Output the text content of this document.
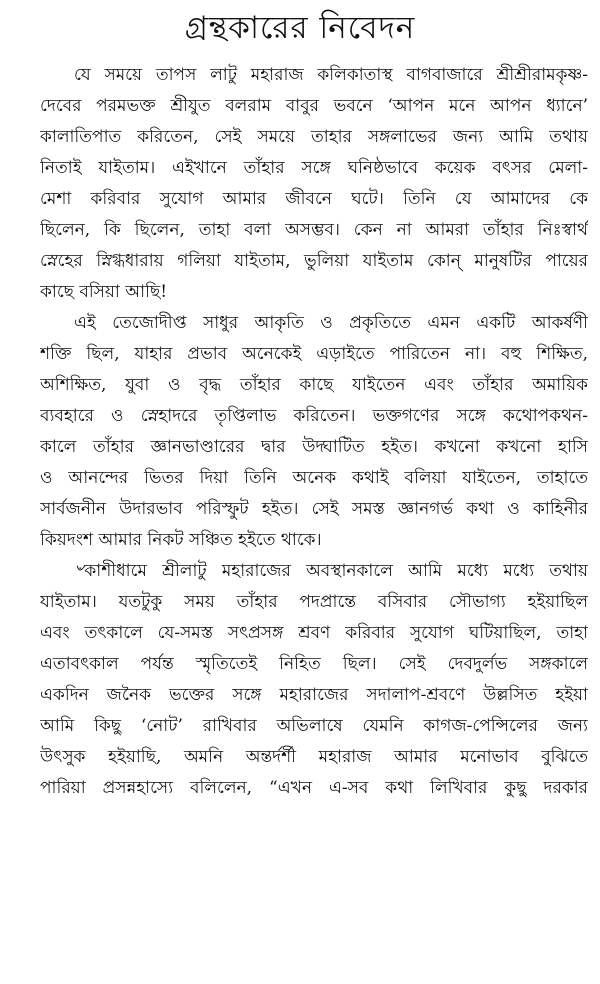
গ্রন্থকারের নিবেদন
যে সময়ে তাপস লাটু মহারাজ কলিকাতাস্থ বাগবাজারে শ্রীশ্রীরামকৃষ্ণ-
দেবের পরমভক্ত শ্রীযুত বলরাম বাবুর ভবনে ‘আপন মনে আপন ধ্যানে’
কালাতিপাত করিতেন, সেই সময়ে তাহার সঙ্গলাভের জন্য আমি তথায়
নিতাই যাইতাম। এইখানে তাঁহার সঙ্গে ঘনিষ্ঠভাবে কয়েক বৎসর মেলা-
মেশা করিবার সুযোগ আমার জীবনে ঘটে। তিনি যে আমাদের কে
ছিলেন, কি ছিলেন, তাহা বলা অসম্ভব। কেন না আমরা তাঁহার নিঃস্বার্থ
স্নেহের স্নিগ্ধধারায় গলিয়া যাইতাম, ভুলিয়া যাইতাম কোন্ মানুষটির পায়ের
কাছে বসিয়া আছি!
এই তেজোদীপ্ত সাধুর আকৃতি ও প্রকৃতিতে এমন একটি আকর্ষণী
শক্তি ছিল, যাহার প্রভাব অনেকেই এড়াইতে পারিতেন না। বহু শিক্ষিত,
অশিক্ষিত, যুবা ও বৃদ্ধ তাঁহার কাছে যাইতেন এবং তাঁহার অমায়িক
ব্যবহারে ও স্নেহাদরে তৃপ্তিলাভ করিতেন। ভক্তগণের সঙ্গে কথোপকথন-
কালে তাঁহার জ্ঞানভাণ্ডারের দ্বার উদ্ঘাটিত হইত। কখনো কখনো হাসি
ও আনন্দের ভিতর দিয়া তিনি অনেক কথাই বলিয়া যাইতেন, তাহাতে
সার্বজনীন উদারভাব পরিস্ফুট হইত। সেই সমস্ত জ্ঞানগর্ভ কথা ও কাহিনীর
কিয়দংশ আমার নিকট সঞ্চিত হইতে থাকে।
৺কাশীধামে শ্রীলাটু মহারাজের অবস্থানকালে আমি মধ্যে মধ্যে তথায়
যাইতাম। যতটুকু সময় তাঁহার পদপ্রান্তে বসিবার সৌভাগ্য হইয়াছিল
এবং তৎকালে যে-সমস্ত সৎপ্রসঙ্গ শ্রবণ করিবার সুযোগ ঘটিয়াছিল, তাহা
এতাবৎকাল পর্যন্ত স্মৃতিতেই নিহিত ছিল। সেই দেবদুর্লভ সঙ্গকালে
একদিন জনৈক ভক্তের সঙ্গে মহারাজের সদালাপ-শ্রবণে উল্লসিত হইয়া
আমি কিছু ‘নোট’ রাখিবার অভিলাষে যেমনি কাগজ-পেন্সিলের জন্য
উৎসুক হইয়াছি, অমনি অন্তর্দর্শী মহারাজ আমার মনোভাব বুঝিতে
পারিয়া প্রসন্নহাস্যে বলিলেন, “এখন এ-সব কথা লিখিবার কুছু দরকার
